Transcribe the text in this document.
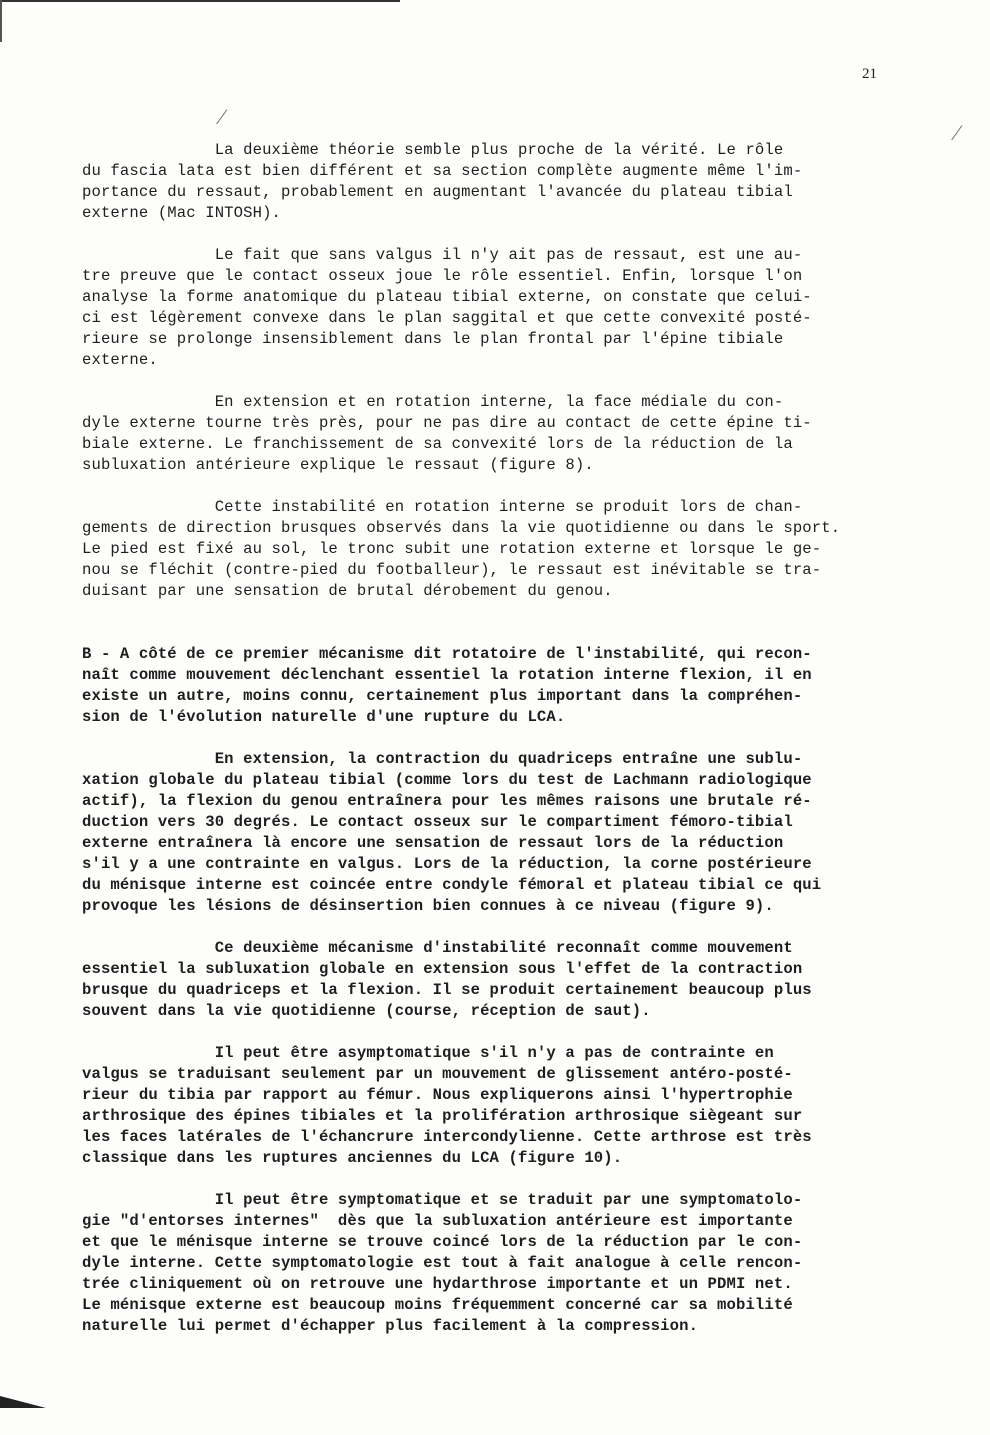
21
⁄
⁄
La deuxième théorie semble plus proche de la vérité. Le rôle
du fascia lata est bien différent et sa section complète augmente même l'im-
portance du ressaut, probablement en augmentant l'avancée du plateau tibial
externe (Mac INTOSH).
Le fait que sans valgus il n'y ait pas de ressaut, est une au-
tre preuve que le contact osseux joue le rôle essentiel. Enfin, lorsque l'on
analyse la forme anatomique du plateau tibial externe, on constate que celui-
ci est légèrement convexe dans le plan saggital et que cette convexité posté-
rieure se prolonge insensiblement dans le plan frontal par l'épine tibiale
externe.
En extension et en rotation interne, la face médiale du con-
dyle externe tourne très près, pour ne pas dire au contact de cette épine ti-
biale externe. Le franchissement de sa convexité lors de la réduction de la
subluxation antérieure explique le ressaut (figure 8).
Cette instabilité en rotation interne se produit lors de chan-
gements de direction brusques observés dans la vie quotidienne ou dans le sport.
Le pied est fixé au sol, le tronc subit une rotation externe et lorsque le ge-
nou se fléchit (contre-pied du footballeur), le ressaut est inévitable se tra-
duisant par une sensation de brutal dérobement du genou.
B - A côté de ce premier mécanisme dit rotatoire de l'instabilité, qui recon-
naît comme mouvement déclenchant essentiel la rotation interne flexion, il en
existe un autre, moins connu, certainement plus important dans la compréhen-
sion de l'évolution naturelle d'une rupture du LCA.
En extension, la contraction du quadriceps entraîne une sublu-
xation globale du plateau tibial (comme lors du test de Lachmann radiologique
actif), la flexion du genou entraînera pour les mêmes raisons une brutale ré-
duction vers 30 degrés. Le contact osseux sur le compartiment fémoro-tibial
externe entraînera là encore une sensation de ressaut lors de la réduction
s'il y a une contrainte en valgus. Lors de la réduction, la corne postérieure
du ménisque interne est coincée entre condyle fémoral et plateau tibial ce qui
provoque les lésions de désinsertion bien connues à ce niveau (figure 9).
Ce deuxième mécanisme d'instabilité reconnaît comme mouvement
essentiel la subluxation globale en extension sous l'effet de la contraction
brusque du quadriceps et la flexion. Il se produit certainement beaucoup plus
souvent dans la vie quotidienne (course, réception de saut).
Il peut être asymptomatique s'il n'y a pas de contrainte en
valgus se traduisant seulement par un mouvement de glissement antéro-posté-
rieur du tibia par rapport au fémur. Nous expliquerons ainsi l'hypertrophie
arthrosique des épines tibiales et la prolifération arthrosique siègeant sur
les faces latérales de l'échancrure intercondylienne. Cette arthrose est très
classique dans les ruptures anciennes du LCA (figure 10).
Il peut être symptomatique et se traduit par une symptomatolo-
gie "d'entorses internes"  dès que la subluxation antérieure est importante
et que le ménisque interne se trouve coincé lors de la réduction par le con-
dyle interne. Cette symptomatologie est tout à fait analogue à celle rencon-
trée cliniquement où on retrouve une hydarthrose importante et un PDMI net.
Le ménisque externe est beaucoup moins fréquemment concerné car sa mobilité
naturelle lui permet d'échapper plus facilement à la compression.
